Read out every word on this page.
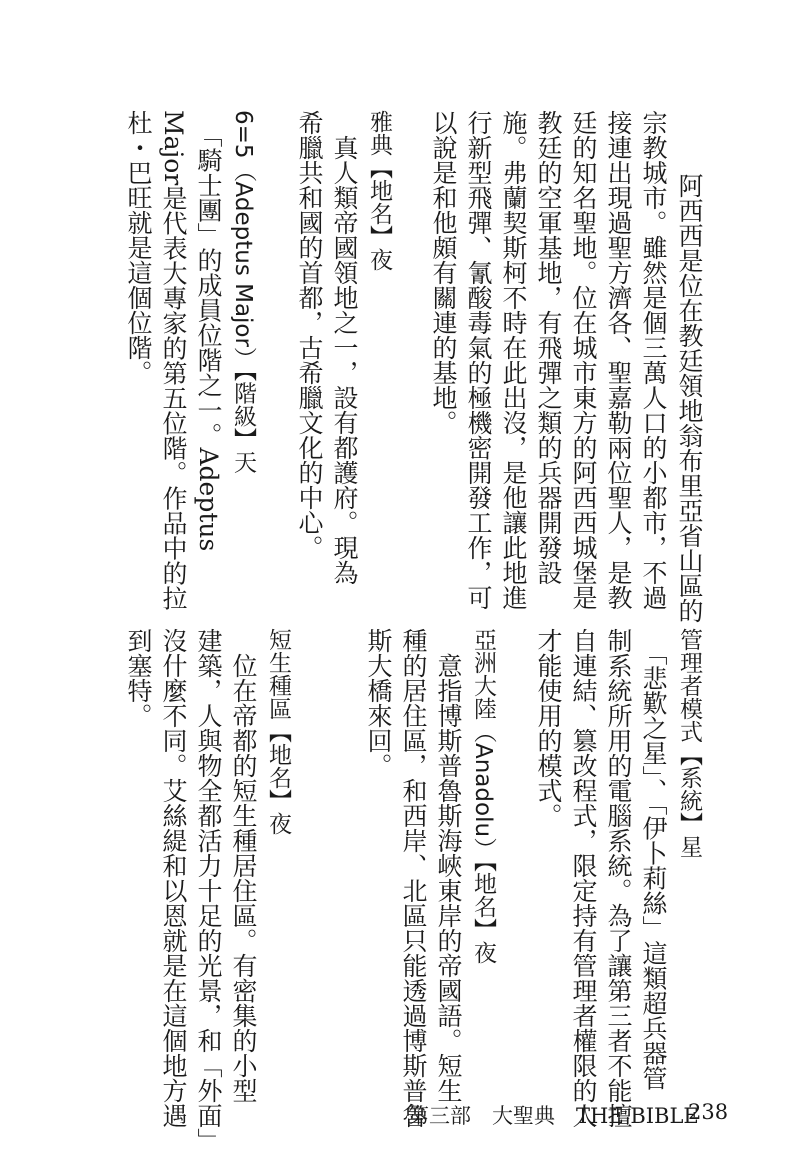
　阿西西是位在教廷領地翁布里亞省山區的
宗教城市。雖然是個三萬人口的小都市，不過
接連出現過聖方濟各、聖嘉勒兩位聖人，是教
廷的知名聖地。位在城市東方的阿西西城堡是
教廷的空軍基地，有飛彈之類的兵器開發設
施。弗蘭契斯柯不時在此出沒，是他讓此地進
行新型飛彈、氰酸毒氣的極機密開發工作，可
以說是和他頗有關連的基地。
雅典【地名】夜
　真人類帝國領地之一，設有都護府。現為
希臘共和國的首都，古希臘文化的中心。
6=5（Adeptus Major）【階級】天
　「騎士團」的成員位階之一。Adeptus
Major是代表大專家的第五位階。作品中的拉
杜・巴旺就是這個位階。
管理者模式【系統】星
　「悲歎之星」、「伊卜莉絲」這類超兵器管
制系統所用的電腦系統。為了讓第三者不能擅
自連結、篡改程式，限定持有管理者權限的人
才能使用的模式。
亞洲大陸（Anadolu）【地名】夜
　意指博斯普魯斯海峽東岸的帝國語。短生
種的居住區，和西岸、北區只能透過博斯普魯
斯大橋來回。
短生種區【地名】夜
　位在帝都的短生種居住區。有密集的小型
建築，人與物全都活力十足的光景，和「外面」
沒什麼不同。艾絲緹和以恩就是在這個地方遇
到塞特。
第三部　大聖典　THE BIBLE
238
